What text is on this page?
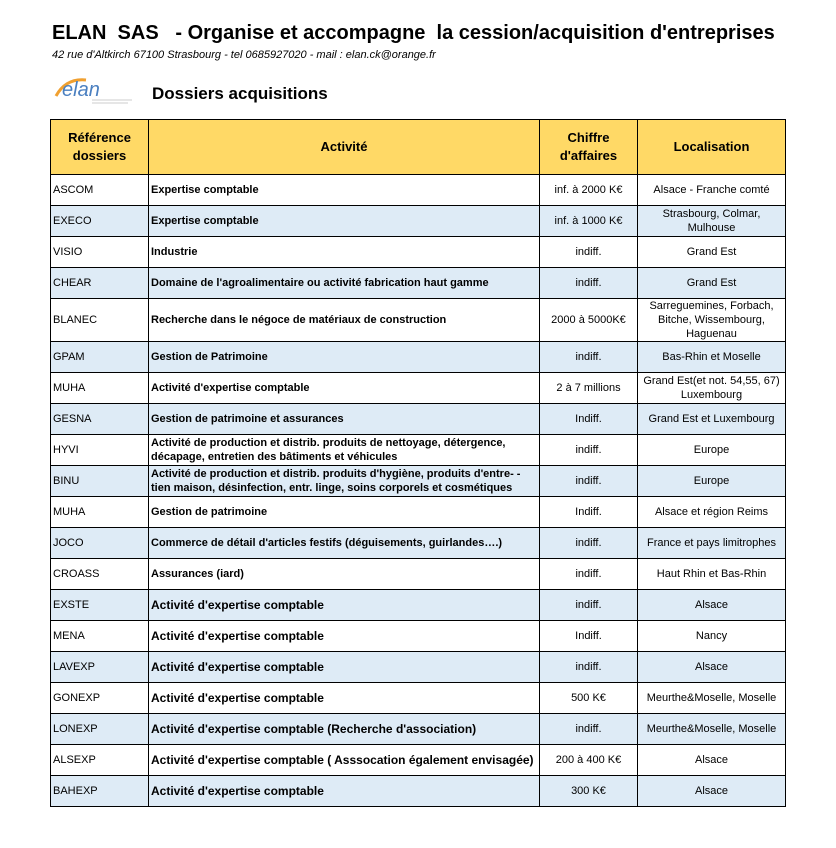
ELAN  SAS   - Organise et accompagne  la cession/acquisition d'entreprises
42 rue d'Altkirch 67100 Strasbourg - tel 0685927020 - mail : elan.ck@orange.fr
elan	Dossiers acquisitions
Référence dossiers	Activité	Chiffre d'affaires	Localisation
ASCOM	Expertise comptable	inf. à 2000 K€	Alsace - Franche comté
EXECO	Expertise comptable	inf. à 1000 K€	Strasbourg, Colmar, Mulhouse
VISIO	Industrie	indiff.	Grand Est
CHEAR	Domaine de l'agroalimentaire ou activité fabrication haut gamme	indiff.	Grand Est
BLANEC	Recherche dans le négoce de matériaux de construction	2000 à 5000K€	Sarreguemines, Forbach, Bitche, Wissembourg, Haguenau
GPAM	Gestion de Patrimoine	indiff.	Bas-Rhin et Moselle
MUHA	Activité d'expertise comptable	2 à 7 millions	Grand Est(et not. 54,55, 67) Luxembourg
GESNA	Gestion de patrimoine et assurances	Indiff.	Grand Est et Luxembourg
HYVI	Activité de production et distrib. produits de nettoyage, détergence, décapage, entretien des bâtiments et véhicules	indiff.	Europe
BINU	Activité de production et distrib. produits d'hygiène, produits d'entre- -tien maison, désinfection, entr. linge, soins corporels et cosmétiques	indiff.	Europe
MUHA	Gestion de patrimoine	Indiff.	Alsace et région Reims
JOCO	Commerce de détail d'articles festifs (déguisements, guirlandes….)	indiff.	France et pays limitrophes
CROASS	Assurances (iard)	indiff.	Haut Rhin et Bas-Rhin
EXSTE	Activité d'expertise comptable	indiff.	Alsace
MENA	Activité d'expertise comptable	Indiff.	Nancy
LAVEXP	Activité d'expertise comptable	indiff.	Alsace
GONEXP	Activité d'expertise comptable	500 K€	Meurthe&Moselle, Moselle
LONEXP	Activité d'expertise comptable (Recherche d'association)	indiff.	Meurthe&Moselle, Moselle
ALSEXP	Activité d'expertise comptable ( Asssocation également envisagée)	200 à 400 K€	Alsace
BAHEXP	Activité d'expertise comptable	300 K€	Alsace
